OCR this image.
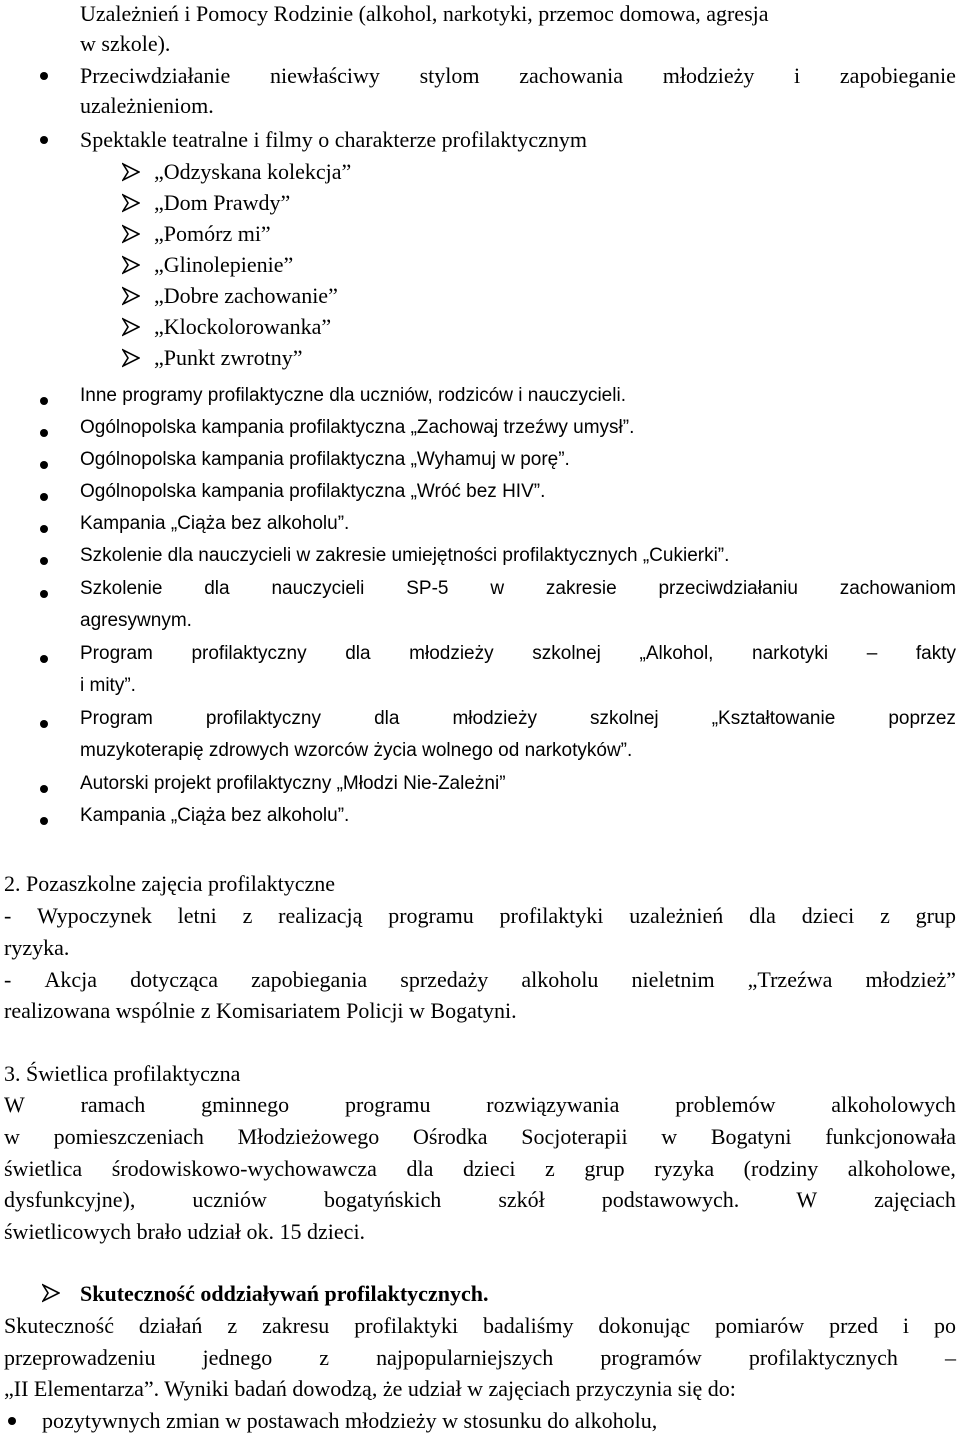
Uzależnień i Pomocy Rodzinie (alkohol, narkotyki, przemoc domowa, agresja
w szkole).
Przeciwdziałanie niewłaściwy stylom zachowania młodzieży i zapobieganie
uzależnieniom.
Spektakle teatralne i filmy o charakterze profilaktycznym
„Odzyskana kolekcja”
„Dom Prawdy”
„Pomórz mi”
„Glinolepienie”
„Dobre zachowanie”
„Klockolorowanka”
„Punkt zwrotny”
Inne programy profilaktyczne dla uczniów, rodziców i nauczycieli.
Ogólnopolska kampania profilaktyczna „Zachowaj trzeźwy umysł”.
Ogólnopolska kampania profilaktyczna „Wyhamuj w porę”.
Ogólnopolska kampania profilaktyczna „Wróć bez HIV”.
Kampania „Ciąża bez alkoholu”.
Szkolenie dla nauczycieli w zakresie umiejętności profilaktycznych „Cukierki”.
Szkolenie dla nauczycieli SP-5 w zakresie przeciwdziałaniu zachowaniom
agresywnym.
Program profilaktyczny dla młodzieży szkolnej „Alkohol, narkotyki – fakty
i mity”.
Program	profilaktyczny	dla	młodzieży	szkolnej	„Kształtowanie	poprzez
muzykoterapię zdrowych wzorców życia wolnego od narkotyków”.
Autorski projekt profilaktyczny „Młodzi Nie-Zależni”
Kampania „Ciąża bez alkoholu”.
2. Pozaszkolne zajęcia profilaktyczne
- Wypoczynek letni z realizacją programu profilaktyki uzależnień dla dzieci z grup
ryzyka.
- Akcja dotycząca zapobiegania sprzedaży alkoholu nieletnim „Trzeźwa młodzież”
realizowana wspólnie z Komisariatem Policji w Bogatyni.
3. Świetlica profilaktyczna
W	ramach	gminnego	programu	rozwiązywania	problemów	alkoholowych
w pomieszczeniach Młodzieżowego Ośrodka Socjoterapii w Bogatyni funkcjonowała
świetlica środowiskowo-wychowawcza dla dzieci z grup ryzyka (rodziny alkoholowe,
dysfunkcyjne),	uczniów	bogatyńskich	szkół	podstawowych.	W	zajęciach
świetlicowych brało udział ok. 15 dzieci.
Skuteczność oddziaływań profilaktycznych.
Skuteczność działań z zakresu profilaktyki badaliśmy dokonując pomiarów przed i po
przeprowadzeniu jednego z najpopularniejszych programów profilaktycznych –
„II Elementarza”. Wyniki badań dowodzą, że udział w zajęciach przyczynia się do:
pozytywnych zmian w postawach młodzieży w stosunku do alkoholu,
